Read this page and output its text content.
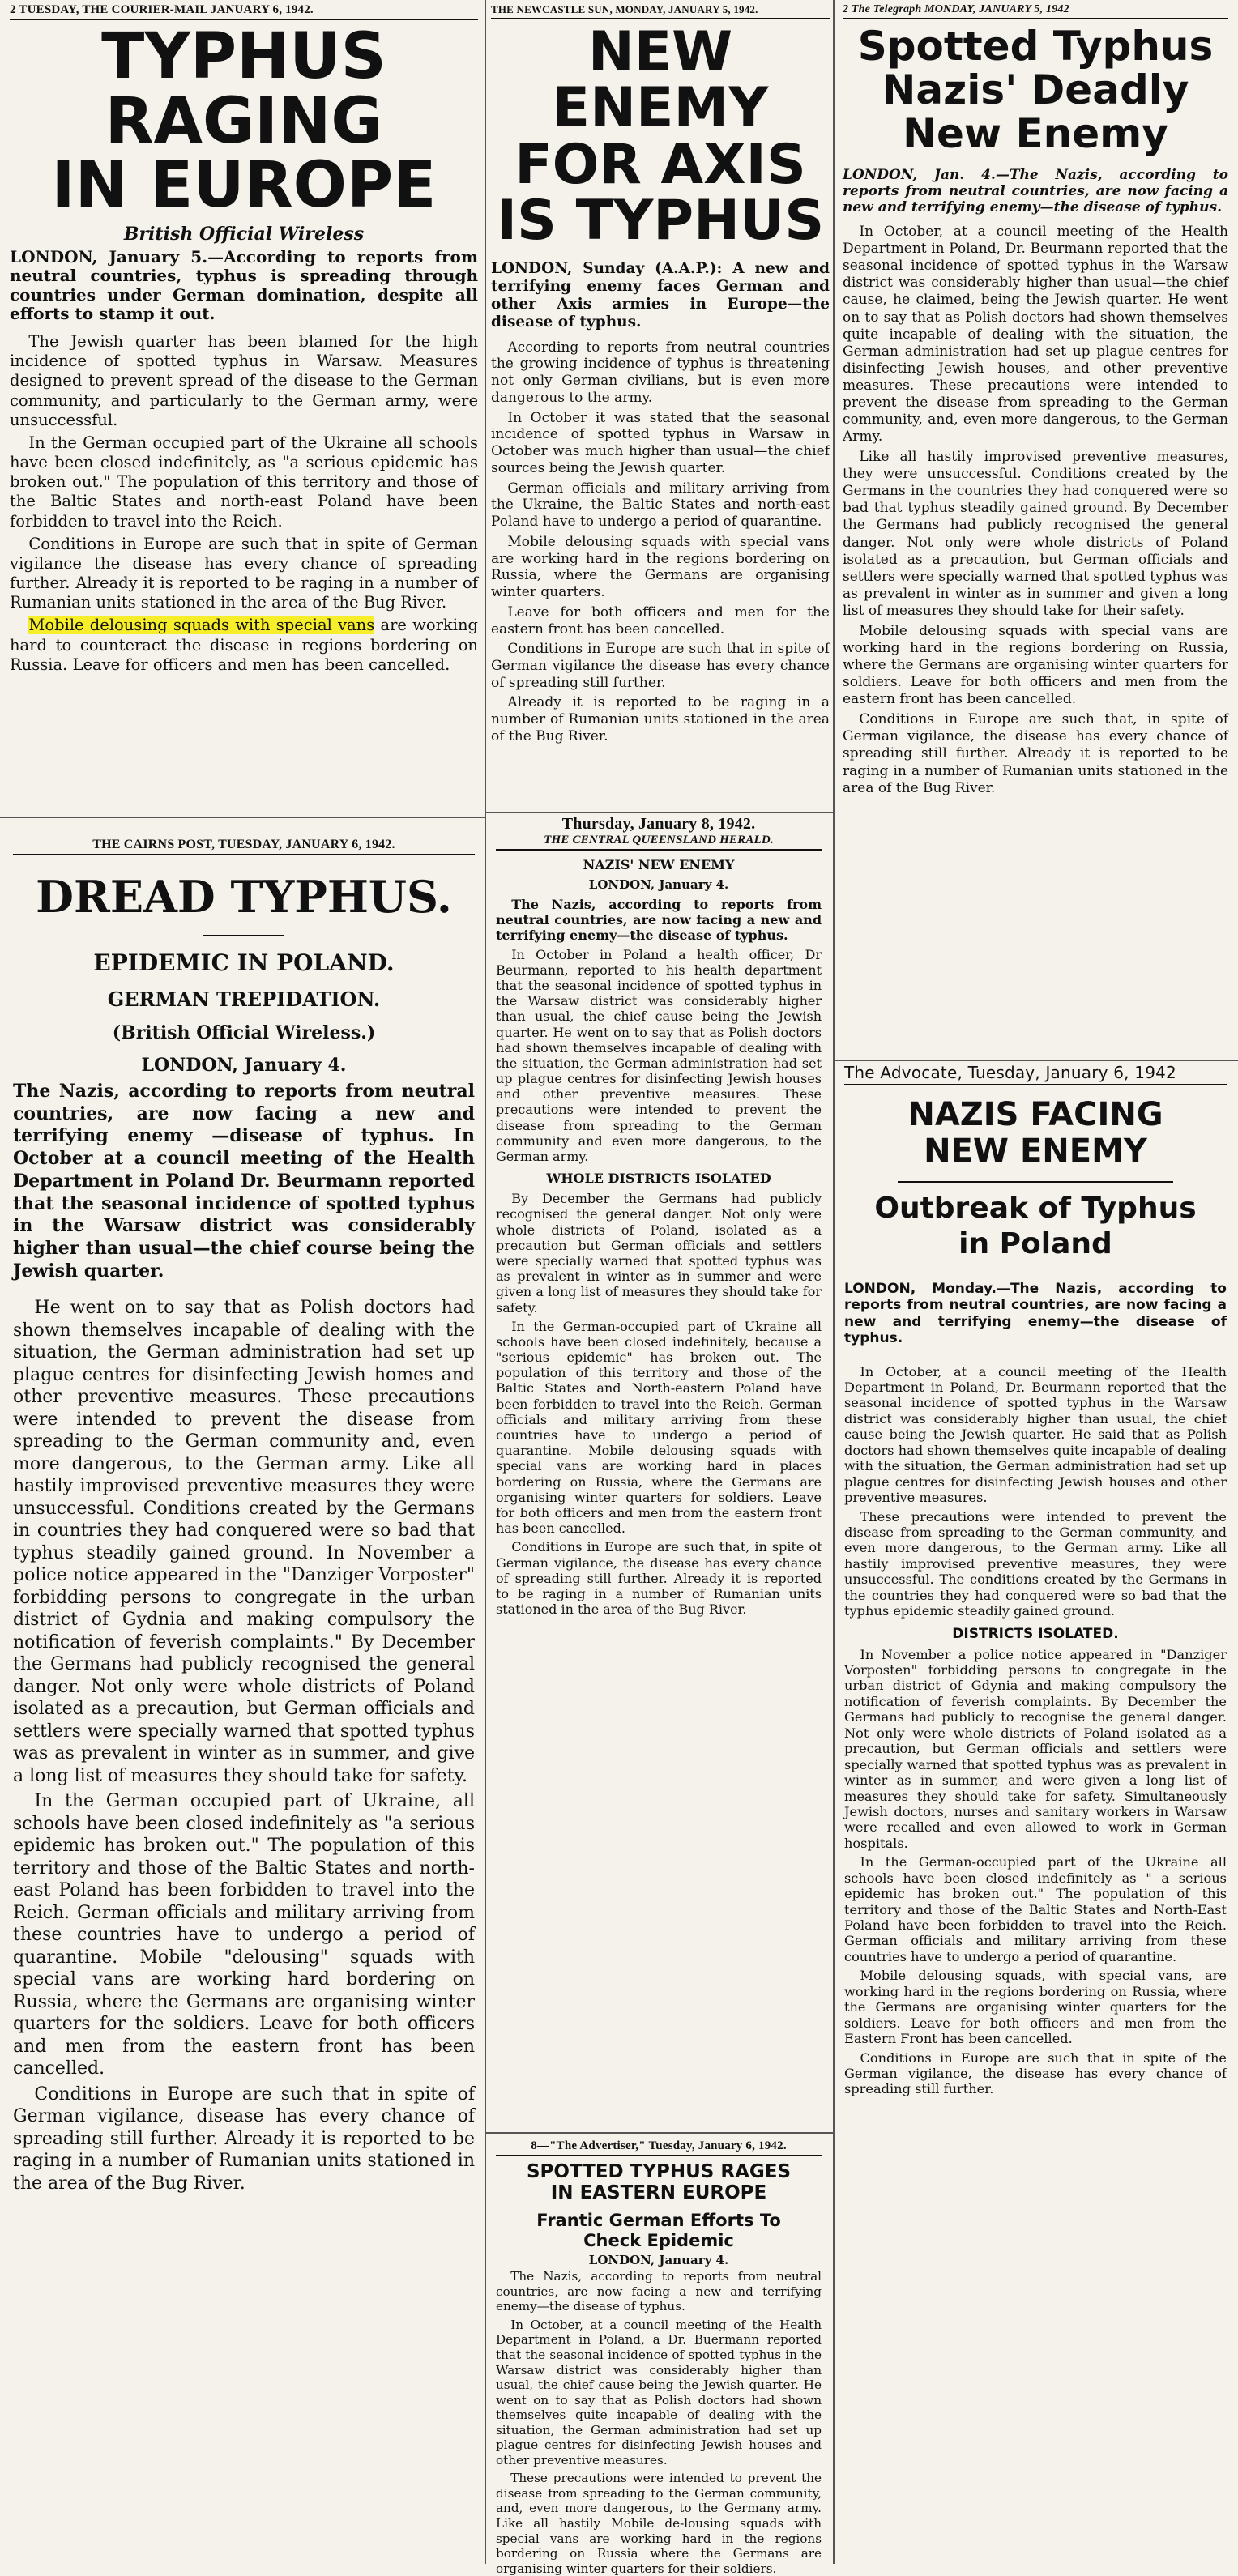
2 TUESDAY, THE COURIER-MAIL JANUARY 6, 1942.
TYPHUS RAGING
IN EUROPE
British Official Wireless
LONDON, January 5.—According to reports from neutral countries, typhus is spreading through countries under German domination, despite all efforts to stamp it out.

The Jewish quarter has been blamed for the high incidence of spotted typhus in Warsaw. Measures designed to prevent spread of the disease to the German community, and particularly to the German army, were unsuccessful.

In the German occupied part of the Ukraine all schools have been closed indefinitely, as "a serious epidemic has broken out." The population of this territory and those of the Baltic States and north-east Poland have been forbidden to travel into the Reich.

Conditions in Europe are such that in spite of German vigilance the disease has every chance of spreading further. Already it is reported to be raging in a number of Rumanian units stationed in the area of the Bug River.

Mobile delousing squads with special vans are working hard to counteract the disease in regions bordering on Russia. Leave for officers and men has been cancelled.

THE NEWCASTLE SUN, MONDAY, JANUARY 5, 1942.
NEW ENEMY
FOR AXIS
IS TYPHUS
LONDON, Sunday (A.A.P.): A new and terrifying enemy faces German and other Axis armies in Europe—the disease of typhus.

According to reports from neutral countries the growing incidence of typhus is threatening not only German civilians, but is even more dangerous to the army.

In October it was stated that the seasonal incidence of spotted typhus in Warsaw in October was much higher than usual—the chief sources being the Jewish quarter.

German officials and military arriving from the Ukraine, the Baltic States and north-east Poland have to undergo a period of quarantine.

Mobile delousing squads with special vans are working hard in the regions bordering on Russia, where the Germans are organising winter quarters.

Leave for both officers and men for the eastern front has been cancelled.

Conditions in Europe are such that in spite of German vigilance the disease has every chance of spreading still further.

Already it is reported to be raging in a number of Rumanian units stationed in the area of the Bug River.

2 The Telegraph MONDAY, JANUARY 5, 1942
Spotted Typhus
Nazis' Deadly
New Enemy
LONDON, Jan. 4.—The Nazis, according to reports from neutral countries, are now facing a new and terrifying enemy—the disease of typhus.

In October, at a council meeting of the Health Department in Poland, Dr. Beurmann reported that the seasonal incidence of spotted typhus in the Warsaw district was considerably higher than usual—the chief cause, he claimed, being the Jewish quarter. He went on to say that as Polish doctors had shown themselves quite incapable of dealing with the situation, the German administration had set up plague centres for disinfecting Jewish houses, and other preventive measures. These precautions were intended to prevent the disease from spreading to the German community, and, even more dangerous, to the German Army.

Like all hastily improvised preventive measures, they were unsuccessful. Conditions created by the Germans in the countries they had conquered were so bad that typhus steadily gained ground. By December the Germans had publicly recognised the general danger. Not only were whole districts of Poland isolated as a precaution, but German officials and settlers were specially warned that spotted typhus was as prevalent in winter as in summer and given a long list of measures they should take for their safety.

Mobile delousing squads with special vans are working hard in the regions bordering on Russia, where the Germans are organising winter quarters for soldiers. Leave for both officers and men from the eastern front has been cancelled.

Conditions in Europe are such that, in spite of German vigilance, the disease has every chance of spreading still further. Already it is reported to be raging in a number of Rumanian units stationed in the area of the Bug River.

THE CAIRNS POST, TUESDAY, JANUARY 6, 1942.
DREAD TYPHUS.
EPIDEMIC IN POLAND.
GERMAN TREPIDATION.
(British Official Wireless.)
LONDON, January 4.
The Nazis, according to reports from neutral countries, are now facing a new and terrifying enemy —disease of typhus. In October at a council meeting of the Health Department in Poland Dr. Beurmann reported that the seasonal incidence of spotted typhus in the Warsaw district was considerably higher than usual—the chief course being the Jewish quarter.

He went on to say that as Polish doctors had shown themselves incapable of dealing with the situation, the German administration had set up plague centres for disinfecting Jewish homes and other preventive measures. These precautions were intended to prevent the disease from spreading to the German community and, even more dangerous, to the German army. Like all hastily improvised preventive measures they were unsuccessful. Conditions created by the Germans in countries they had conquered were so bad that typhus steadily gained ground. In November a police notice appeared in the "Danziger Vorposter" forbidding persons to congregate in the urban district of Gydnia and making compulsory the notification of feverish complaints." By December the Germans had publicly recognised the general danger. Not only were whole districts of Poland isolated as a precaution, but German officials and settlers were specially warned that spotted typhus was as prevalent in winter as in summer, and give a long list of measures they should take for safety.

In the German occupied part of Ukraine, all schools have been closed indefinitely as "a serious epidemic has broken out." The population of this territory and those of the Baltic States and north-east Poland has been forbidden to travel into the Reich. German officials and military arriving from these countries have to undergo a period of quarantine. Mobile "delousing" squads with special vans are working hard bordering on Russia, where the Germans are organising winter quarters for the soldiers. Leave for both officers and men from the eastern front has been cancelled.

Conditions in Europe are such that in spite of German vigilance, disease has every chance of spreading still further. Already it is reported to be raging in a number of Rumanian units stationed in the area of the Bug River.

Thursday, January 8, 1942.
THE CENTRAL QUEENSLAND HERALD.
NAZIS' NEW ENEMY
LONDON, January 4.

The Nazis, according to reports from neutral countries, are now facing a new and terrifying enemy—the disease of typhus.

In October in Poland a health officer, Dr Beurmann, reported to his health department that the seasonal incidence of spotted typhus in the Warsaw district was considerably higher than usual, the chief cause being the Jewish quarter. He went on to say that as Polish doctors had shown themselves incapable of dealing with the situation, the German administration had set up plague centres for disinfecting Jewish houses and other preventive measures. These precautions were intended to prevent the disease from spreading to the German community and even more dangerous, to the German army.

WHOLE DISTRICTS ISOLATED

By December the Germans had publicly recognised the general danger. Not only were whole districts of Poland, isolated as a precaution but German officials and settlers were specially warned that spotted typhus was as prevalent in winter as in summer and were given a long list of measures they should take for safety.

In the German-occupied part of Ukraine all schools have been closed indefinitely, because a "serious epidemic" has broken out. The population of this territory and those of the Baltic States and North-eastern Poland have been forbidden to travel into the Reich. German officials and military arriving from these countries have to undergo a period of quarantine. Mobile delousing squads with special vans are working hard in places bordering on Russia, where the Germans are organising winter quarters for soldiers. Leave for both officers and men from the eastern front has been cancelled.

Conditions in Europe are such that, in spite of German vigilance, the disease has every chance of spreading still further. Already it is reported to be raging in a number of Rumanian units stationed in the area of the Bug River.

8—"The Advertiser," Tuesday, January 6, 1942.
SPOTTED TYPHUS RAGES
IN EASTERN EUROPE
Frantic German Efforts To
Check Epidemic
LONDON, January 4.

The Nazis, according to reports from neutral countries, are now facing a new and terrifying enemy—the disease of typhus.

In October, at a council meeting of the Health Department in Poland, a Dr. Buermann reported that the seasonal incidence of spotted typhus in the Warsaw district was considerably higher than usual, the chief cause being the Jewish quarter. He went on to say that as Polish doctors had shown themselves quite incapable of dealing with the situation, the German administration had set up plague centres for disinfecting Jewish houses and other preventive measures.

These precautions were intended to prevent the disease from spreading to the German community, and, even more dangerous, to the Germany army. Like all hastily Mobile de-lousing squads with special vans are working hard in the regions bordering on Russia where the Germans are organising winter quarters for their soldiers.

The Advocate, Tuesday, January 6, 1942
NAZIS FACING
NEW ENEMY
Outbreak of Typhus
in Poland
LONDON, Monday.—The Nazis, according to reports from neutral countries, are now facing a new and terrifying enemy—the disease of typhus.

In October, at a council meeting of the Health Department in Poland, Dr. Beurmann reported that the seasonal incidence of spotted typhus in the Warsaw district was considerably higher than usual, the chief cause being the Jewish quarter. He said that as Polish doctors had shown themselves quite incapable of dealing with the situation, the German administration had set up plague centres for disinfecting Jewish houses and other preventive measures.

These precautions were intended to prevent the disease from spreading to the German community, and even more dangerous, to the German army. Like all hastily improvised preventive measures, they were unsuccessful. The conditions created by the Germans in the countries they had conquered were so bad that the typhus epidemic steadily gained ground.

DISTRICTS ISOLATED.

In November a police notice appeared in "Danziger Vorposten" forbidding persons to congregate in the urban district of Gdynia and making compulsory the notification of feverish complaints. By December the Germans had publicly to recognise the general danger. Not only were whole districts of Poland isolated as a precaution, but German officials and settlers were specially warned that spotted typhus was as prevalent in winter as in summer, and were given a long list of measures they should take for safety. Simultaneously Jewish doctors, nurses and sanitary workers in Warsaw were recalled and even allowed to work in German hospitals.

In the German-occupied part of the Ukraine all schools have been closed indefinitely as " a serious epidemic has broken out." The population of this territory and those of the Baltic States and North-East Poland have been forbidden to travel into the Reich. German officials and military arriving from these countries have to undergo a period of quarantine.

Mobile delousing squads, with special vans, are working hard in the regions bordering on Russia, where the Germans are organising winter quarters for the soldiers. Leave for both officers and men from the Eastern Front has been cancelled.

Conditions in Europe are such that in spite of the German vigilance, the disease has every chance of spreading still further.
